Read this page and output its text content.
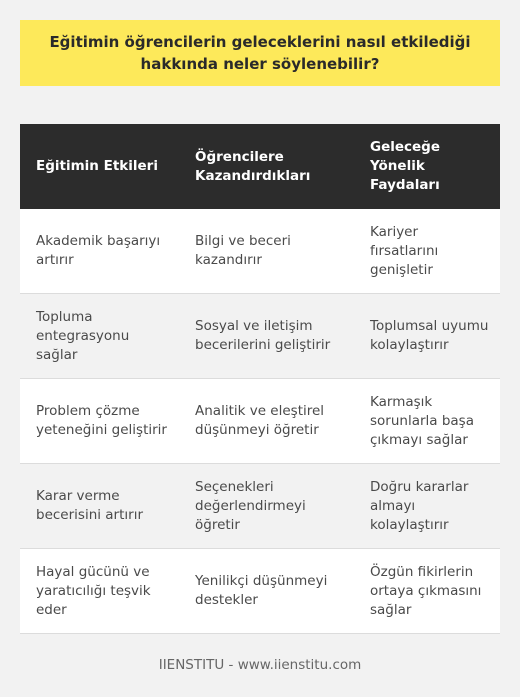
Eğitimin öğrencilerin geleceklerini nasıl etkilediği hakkında neler söylenebilir?
Eğitimin Etkileri
Öğrencilere Kazandırdıkları
Geleceğe Yönelik Faydaları
Akademik başarıyı artırır
Bilgi ve beceri kazandırır
Kariyer fırsatlarını genişletir
Topluma entegrasyonu sağlar
Sosyal ve iletişim becerilerini geliştirir
Toplumsal uyumu kolaylaştırır
Problem çözme yeteneğini geliştirir
Analitik ve eleştirel düşünmeyi öğretir
Karmaşık sorunlarla başa çıkmayı sağlar
Karar verme becerisini artırır
Seçenekleri değerlendirmeyi öğretir
Doğru kararlar almayı kolaylaştırır
Hayal gücünü ve yaratıcılığı teşvik eder
Yenilikçi düşünmeyi destekler
Özgün fikirlerin ortaya çıkmasını sağlar
IIENSTITU - www.iienstitu.com
